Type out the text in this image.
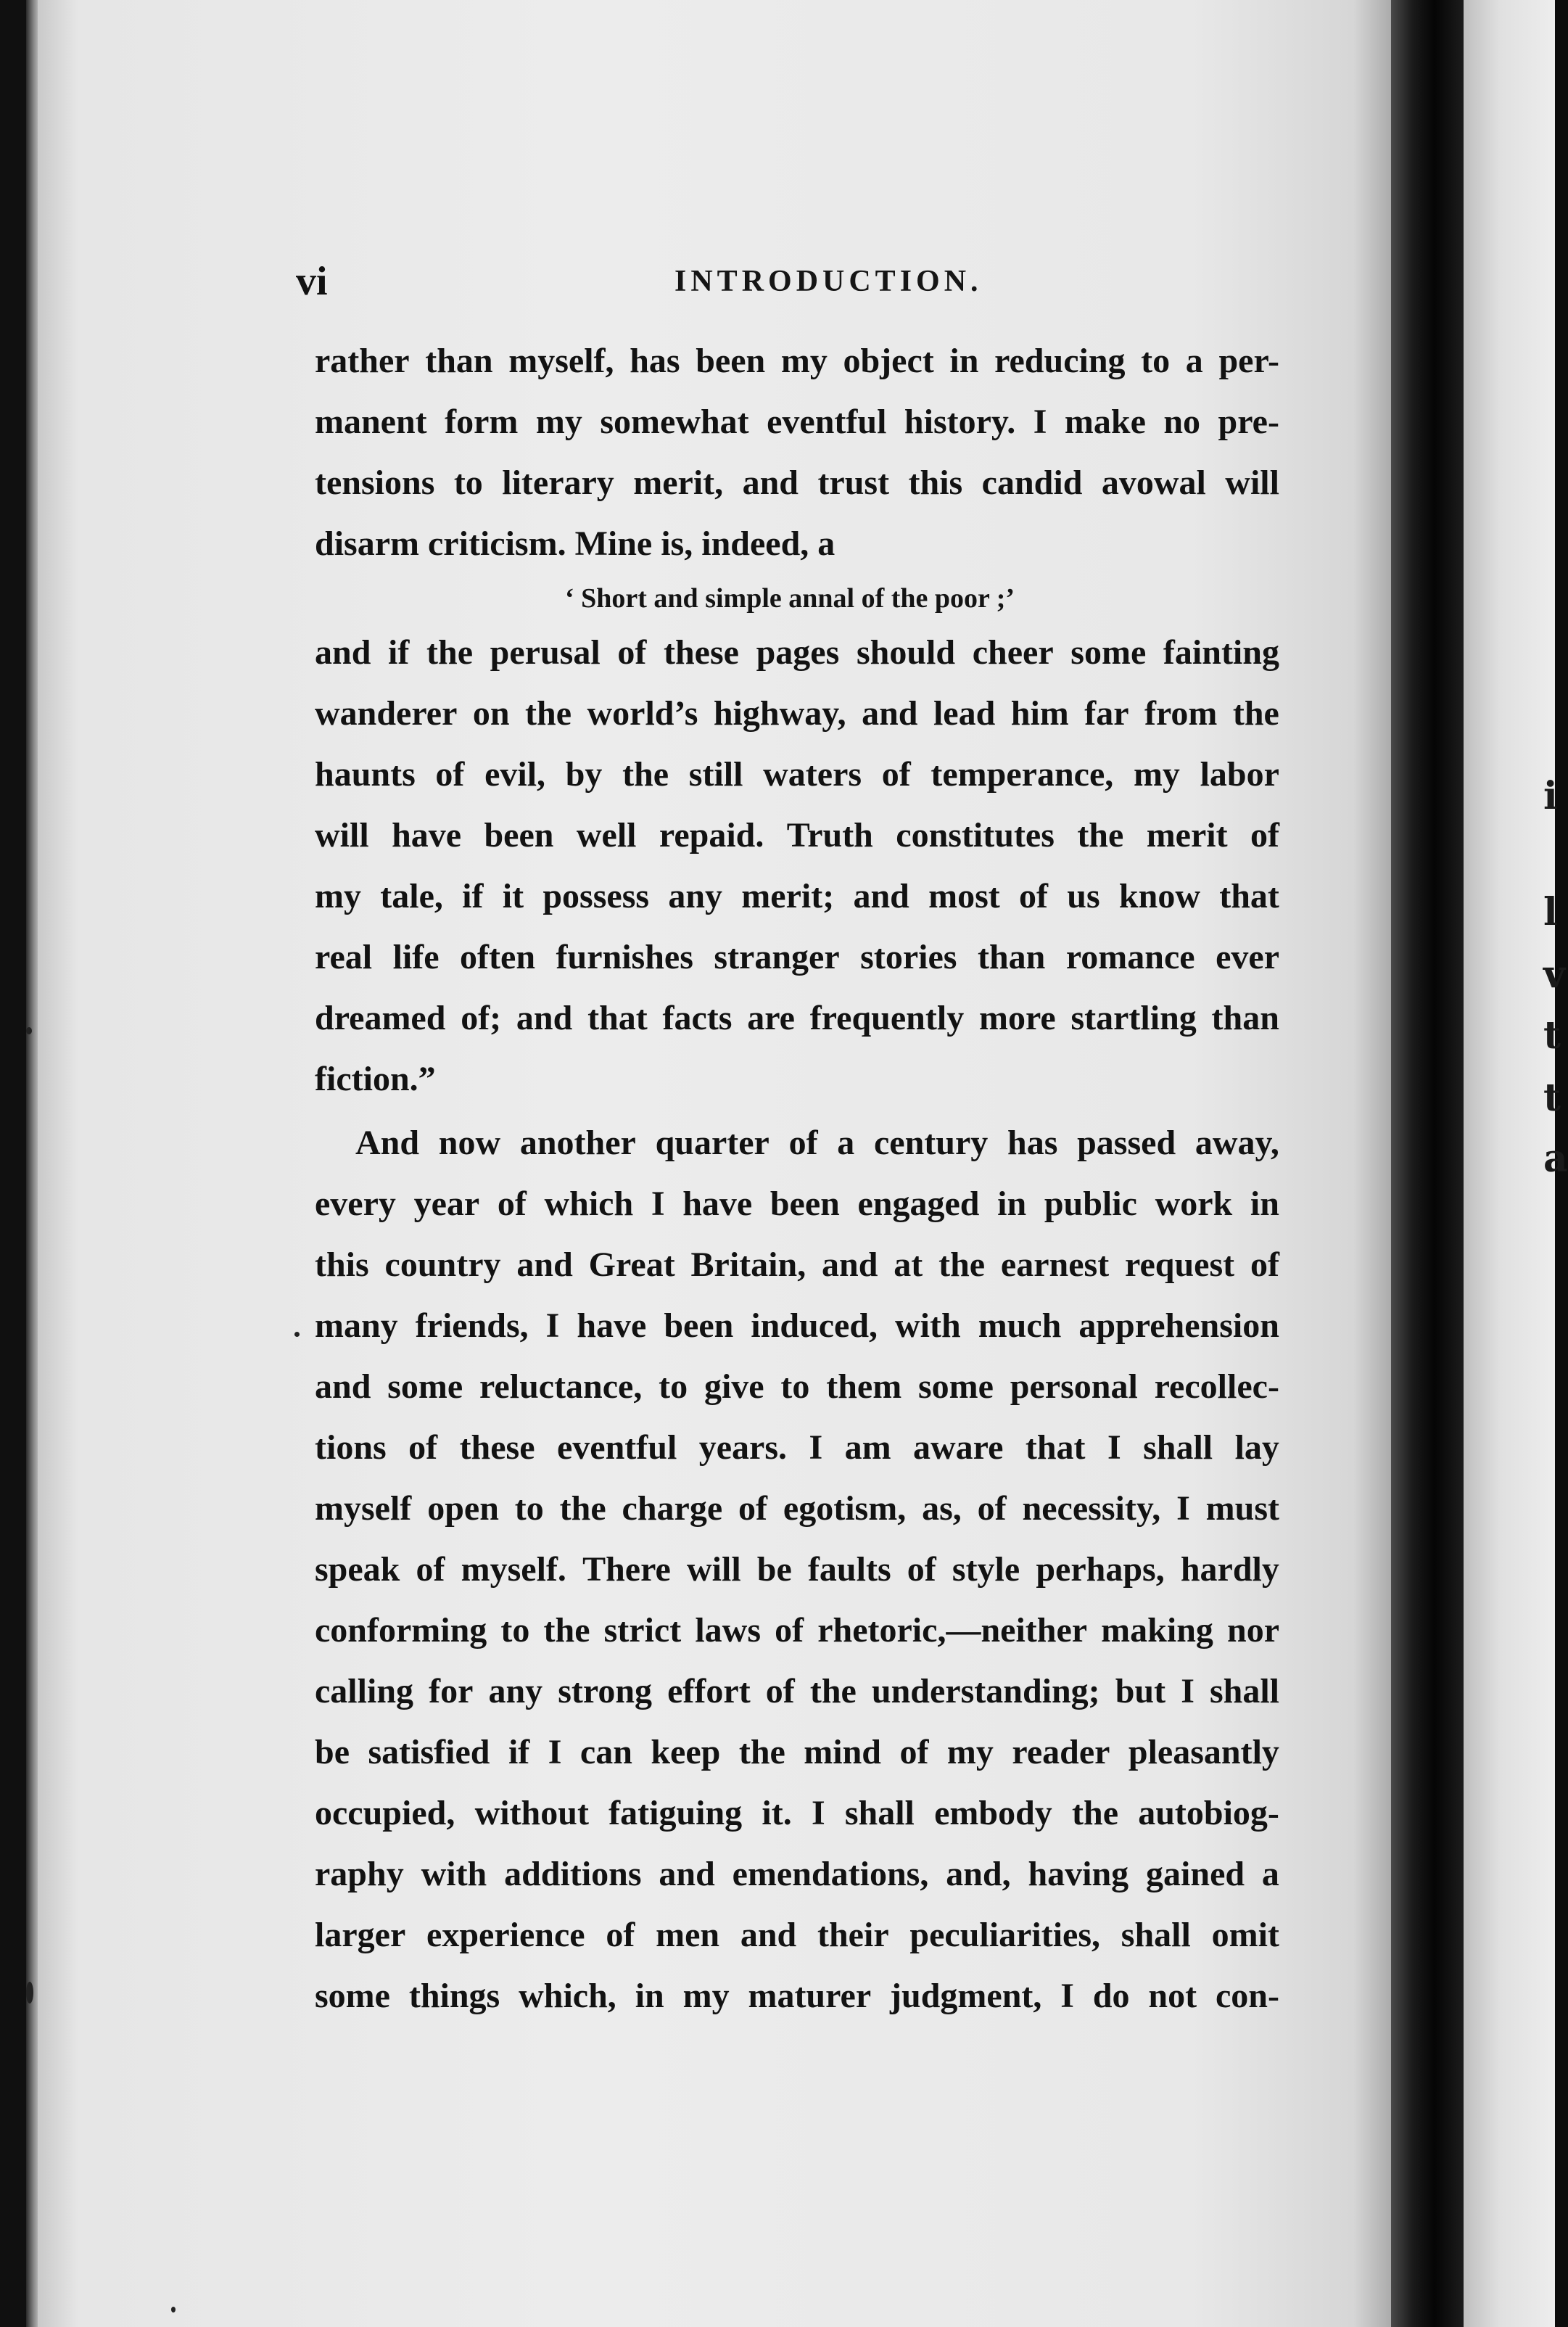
i
l
v
t
t
a
vi	INTRODUCTION.
rather than myself, has been my object in reducing to a per-
manent form my somewhat eventful history. I make no pre-
tensions to literary merit, and trust this candid avowal will
disarm criticism. Mine is, indeed, a
‘ Short and simple annal of the poor ;’
and if the perusal of these pages should cheer some fainting
wanderer on the world’s highway, and lead him far from the
haunts of evil, by the still waters of temperance, my labor
will have been well repaid. Truth constitutes the merit of
my tale, if it possess any merit; and most of us know that
real life often furnishes stranger stories than romance ever
dreamed of; and that facts are frequently more startling than
fiction.”
And now another quarter of a century has passed away,
every year of which I have been engaged in public work in
this country and Great Britain, and at the earnest request of
many friends, I have been induced, with much apprehension
and some reluctance, to give to them some personal recollec-
tions of these eventful years. I am aware that I shall lay
myself open to the charge of egotism, as, of necessity, I must
speak of myself. There will be faults of style perhaps, hardly
conforming to the strict laws of rhetoric,—neither making nor
calling for any strong effort of the understanding; but I shall
be satisfied if I can keep the mind of my reader pleasantly
occupied, without fatiguing it. I shall embody the autobiog-
raphy with additions and emendations, and, having gained a
larger experience of men and their peculiarities, shall omit
some things which, in my maturer judgment, I do not con-
